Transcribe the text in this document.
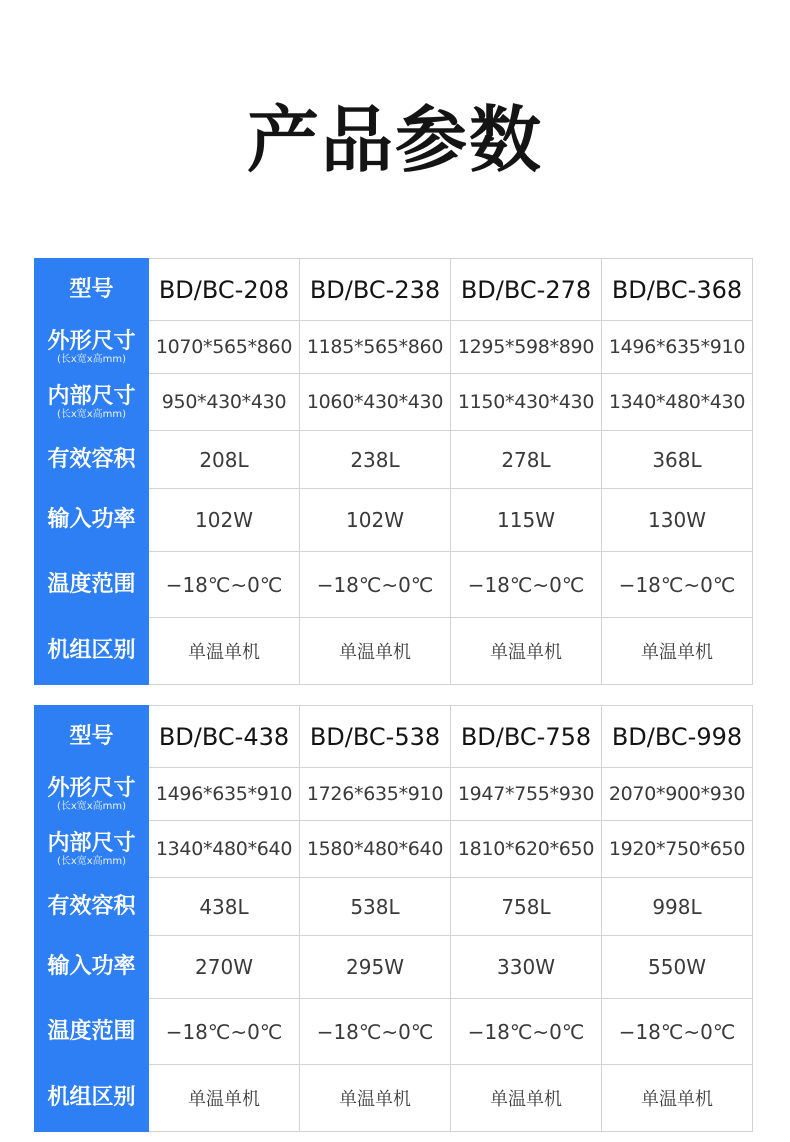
产品参数
型号	BD/BC-208	BD/BC-238	BD/BC-278	BD/BC-368

外形尺寸
(长x宽x高mm)	1070*565*860	1185*565*860	1295*598*890	1496*635*910

内部尺寸
(长x宽x高mm)	950*430*430	1060*430*430	1150*430*430	1340*480*430

有效容积	208L	238L	278L	368L

输入功率	102W	102W	115W	130W

温度范围	−18℃~0℃	−18℃~0℃	−18℃~0℃	−18℃~0℃

机组区别	单温单机	单温单机	单温单机	单温单机
型号	BD/BC-438	BD/BC-538	BD/BC-758	BD/BC-998

外形尺寸
(长x宽x高mm)	1496*635*910	1726*635*910	1947*755*930	2070*900*930

内部尺寸
(长x宽x高mm)	1340*480*640	1580*480*640	1810*620*650	1920*750*650

有效容积	438L	538L	758L	998L

输入功率	270W	295W	330W	550W

温度范围	−18℃~0℃	−18℃~0℃	−18℃~0℃	−18℃~0℃

机组区别	单温单机	单温单机	单温单机	单温单机
